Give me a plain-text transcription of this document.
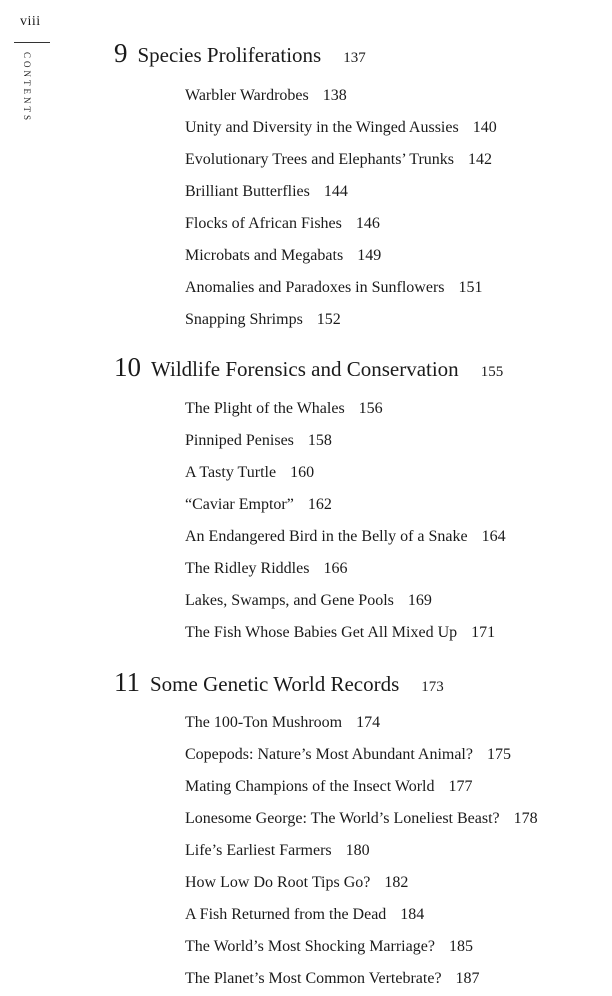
viii
CONTENTS	9 Species Proliferations 137
Warbler Wardrobes 138
Unity and Diversity in the Winged Aussies 140
Evolutionary Trees and Elephants’ Trunks 142
Brilliant Butterflies 144
Flocks of African Fishes 146
Microbats and Megabats 149
Anomalies and Paradoxes in Sunflowers 151
Snapping Shrimps 152
10 Wildlife Forensics and Conservation 155
The Plight of the Whales 156
Pinniped Penises 158
A Tasty Turtle 160
“Caviar Emptor” 162
An Endangered Bird in the Belly of a Snake 164
The Ridley Riddles 166
Lakes, Swamps, and Gene Pools 169
The Fish Whose Babies Get All Mixed Up 171
11 Some Genetic World Records 173
The 100-Ton Mushroom 174
Copepods: Nature’s Most Abundant Animal? 175
Mating Champions of the Insect World 177
Lonesome George: The World’s Loneliest Beast? 178
Life’s Earliest Farmers 180
How Low Do Root Tips Go? 182
A Fish Returned from the Dead 184
The World’s Most Shocking Marriage? 185
The Planet’s Most Common Vertebrate? 187
